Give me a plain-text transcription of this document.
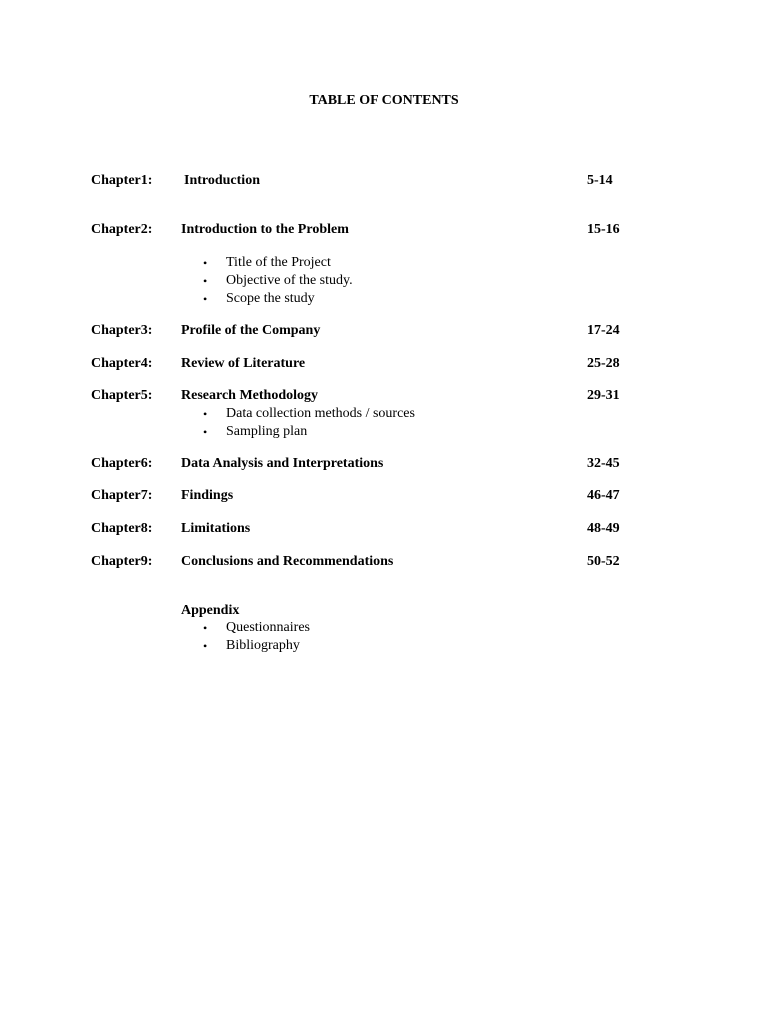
TABLE OF CONTENTS
Chapter1: Introduction	5-14
Chapter2: Introduction to the Problem	15-16
• Title of the Project
• Objective of the study.
• Scope the study
Chapter3: Profile of the Company	17-24
Chapter4: Review of Literature	25-28
Chapter5: Research Methodology	29-31
• Data collection methods / sources
• Sampling plan
Chapter6: Data Analysis and Interpretations	32-45
Chapter7: Findings	46-47
Chapter8: Limitations	48-49
Chapter9: Conclusions and Recommendations	50-52
Appendix
• Questionnaires
• Bibliography
